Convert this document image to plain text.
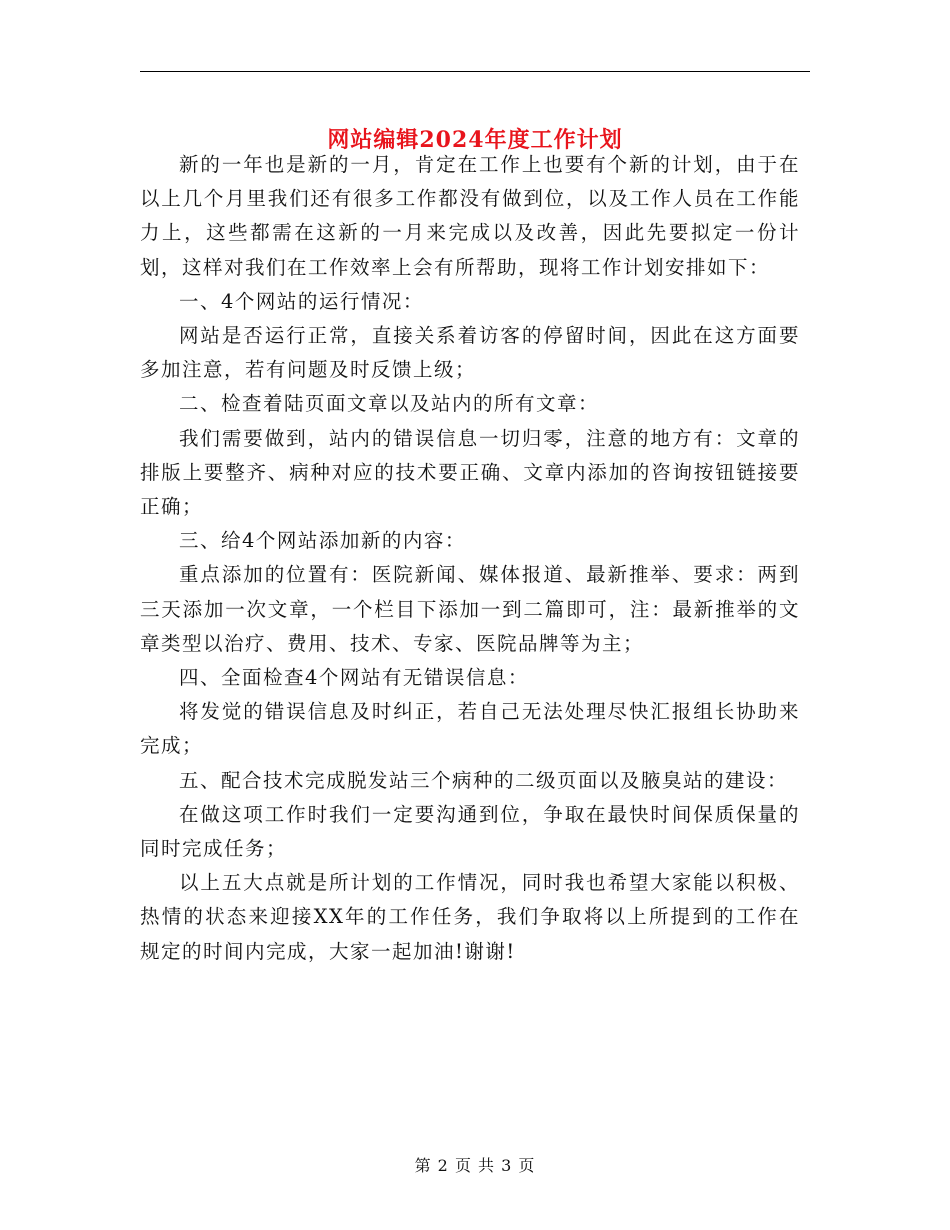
网站编辑2024年度工作计划

新的一年也是新的一月，肯定在工作上也要有个新的计划，由于在以上几个月里我们还有很多工作都没有做到位，以及工作人员在工作能力上，这些都需在这新的一月来完成以及改善，因此先要拟定一份计划，这样对我们在工作效率上会有所帮助，现将工作计划安排如下：

一、4个网站的运行情况：

网站是否运行正常，直接关系着访客的停留时间，因此在这方面要多加注意，若有问题及时反馈上级；

二、检查着陆页面文章以及站内的所有文章：

我们需要做到，站内的错误信息一切归零，注意的地方有：文章的排版上要整齐、病种对应的技术要正确、文章内添加的咨询按钮链接要正确；

三、给4个网站添加新的内容：

重点添加的位置有：医院新闻、媒体报道、最新推举、要求：两到三天添加一次文章，一个栏目下添加一到二篇即可，注：最新推举的文章类型以治疗、费用、技术、专家、医院品牌等为主；

四、全面检查4个网站有无错误信息：

将发觉的错误信息及时纠正，若自己无法处理尽快汇报组长协助来完成；

五、配合技术完成脱发站三个病种的二级页面以及腋臭站的建设：

在做这项工作时我们一定要沟通到位，争取在最快时间保质保量的同时完成任务；

以上五大点就是所计划的工作情况，同时我也希望大家能以积极、热情的状态来迎接XX年的工作任务，我们争取将以上所提到的工作在规定的时间内完成，大家一起加油!谢谢!

第 2 页 共 3 页
